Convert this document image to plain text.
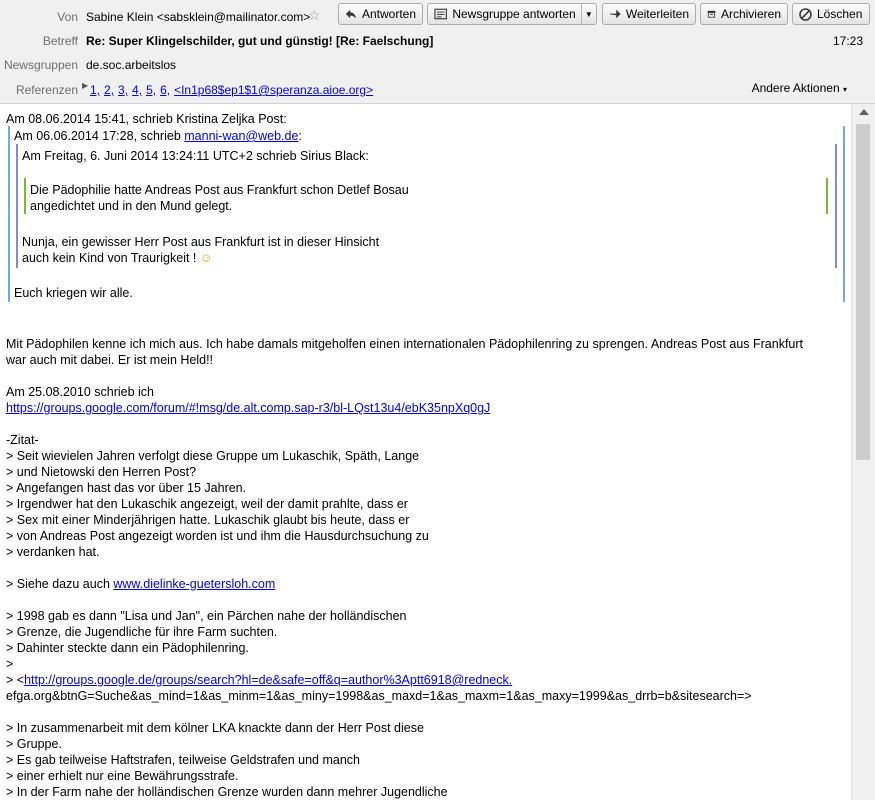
Von Sabine Klein <sabsklein@mailinator.com>
☆	Antworten	Newsgruppe antworten	▼	Weiterleiten	Archivieren	Löschen
Betreff Re: Super Klingelschilder, gut und günstig! [Re: Faelschung]	17:23
Newsgruppen de.soc.arbeitslos
Referenzen ▶ 1, 2, 3, 4, 5, 6, <In1p68$ep1$1@speranza.aioe.org>	Andere Aktionen ▾
Am 08.06.2014 15:41, schrieb Kristina Zeljka Post:
Am 06.06.2014 17:28, schrieb manni-wan@web.de:
Am Freitag, 6. Juni 2014 13:24:11 UTC+2 schrieb Sirius Black:
Die Pädophilie hatte Andreas Post aus Frankfurt schon Detlef Bosau
angedichtet und in den Mund gelegt.
Nunja, ein gewisser Herr Post aus Frankfurt ist in dieser Hinsicht
auch kein Kind von Traurigkeit ! ☺
Euch kriegen wir alle.
Mit Pädophilen kenne ich mich aus. Ich habe damals mitgeholfen einen internationalen Pädophilenring zu sprengen. Andreas Post aus Frankfurt
war auch mit dabei. Er ist mein Held!!
Am 25.08.2010 schrieb ich
https://groups.google.com/forum/#!msg/de.alt.comp.sap-r3/bl-LQst13u4/ebK35npXq0gJ
-Zitat-
> Seit wievielen Jahren verfolgt diese Gruppe um Lukaschik, Späth, Lange
> und Nietowski den Herren Post?
> Angefangen hast das vor über 15 Jahren.
> Irgendwer hat den Lukaschik angezeigt, weil der damit prahlte, dass er
> Sex mit einer Minderjährigen hatte. Lukaschik glaubt bis heute, dass er
> von Andreas Post angezeigt worden ist und ihm die Hausdurchsuchung zu
> verdanken hat.
> Siehe dazu auch www.dielinke-guetersloh.com
> 1998 gab es dann "Lisa und Jan", ein Pärchen nahe der holländischen
> Grenze, die Jugendliche für ihre Farm suchten.
> Dahinter steckte dann ein Pädophilenring.
>
> <http://groups.google.de/groups/search?hl=de&safe=off&q=author%3Aptt6918@redneck.
efga.org&btnG=Suche&as_mind=1&as_minm=1&as_miny=1998&as_maxd=1&as_maxm=1&as_maxy=1999&as_drrb=b&sitesearch=>
> In zusammenarbeit mit dem kölner LKA knackte dann der Herr Post diese
> Gruppe.
> Es gab teilweise Haftstrafen, teilweise Geldstrafen und manch
> einer erhielt nur eine Bewährungsstrafe.
> In der Farm nahe der holländischen Grenze wurden dann mehrer Jugendliche
